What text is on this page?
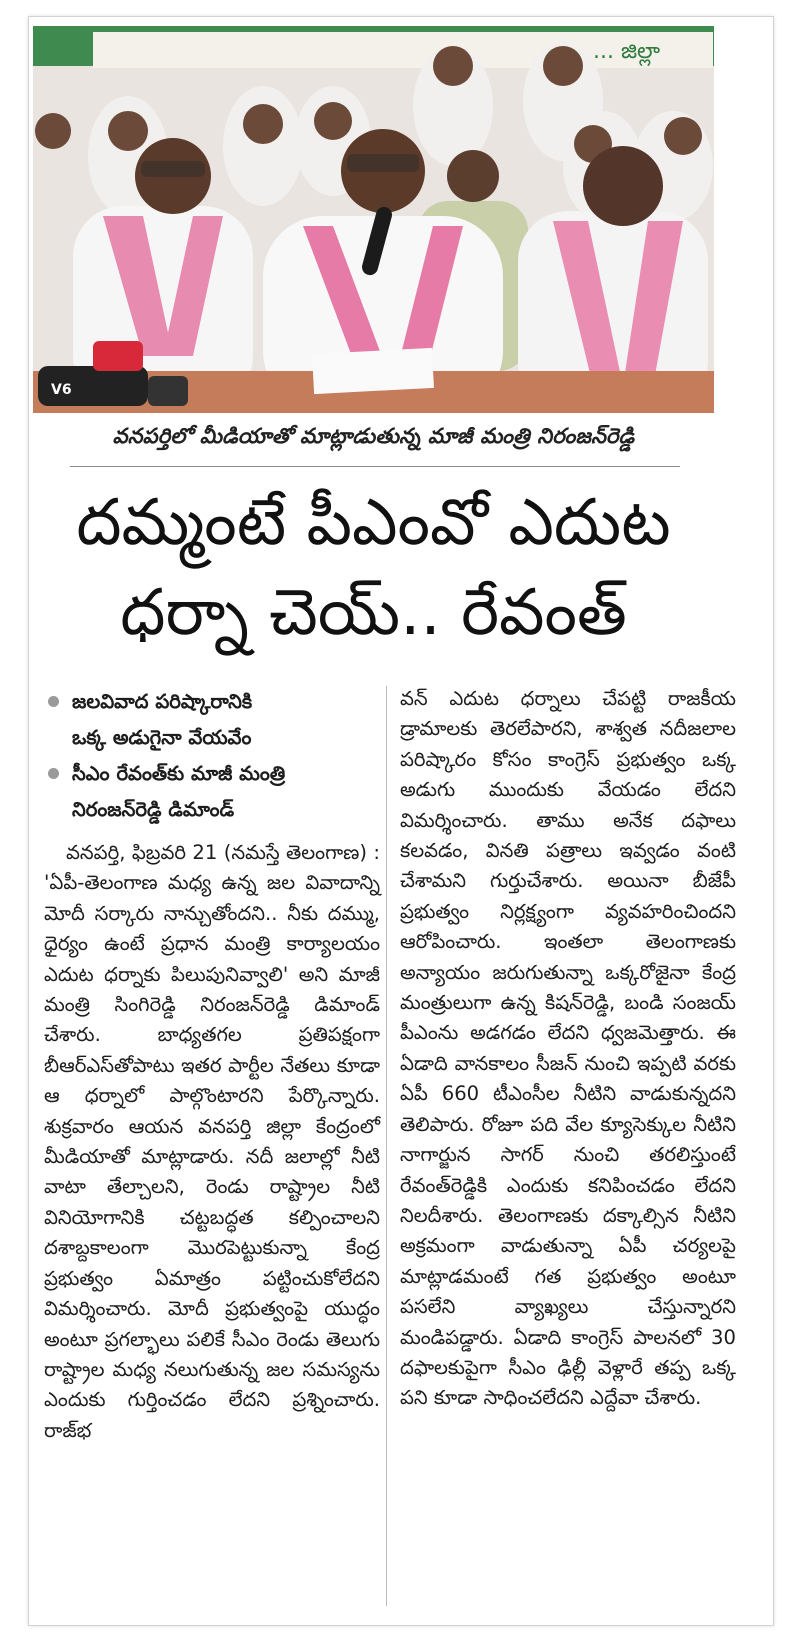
... జిల్లా
V6
వనపర్తిలో మీడియాతో మాట్లాడుతున్న మాజీ మంత్రి నిరంజన్‌రెడ్డి
దమ్మంటే పీఎంవో ఎదుట
ధర్నా చెయ్.. రేవంత్
జలవివాద పరిష్కారానికి
ఒక్క అడుగైనా వేయవేం
సీఎం రేవంత్‌కు మాజీ మంత్రి
నిరంజన్‌రెడ్డి డిమాండ్

వనపర్తి, ఫిబ్రవరి 21 (నమస్తే తెలంగాణ) : 'ఏపీ-తెలంగాణ మధ్య ఉన్న జల వివాదాన్ని మోదీ సర్కారు నాన్చుతోందని.. నీకు దమ్ము, ధైర్యం ఉంటే ప్రధాన మంత్రి కార్యాలయం ఎదుట ధర్నాకు పిలుపునివ్వాలి' అని మాజీ మంత్రి సింగిరెడ్డి నిరంజన్‌రెడ్డి డిమాండ్ చేశారు. బాధ్యతగల ప్రతిపక్షంగా బీఆర్‌ఎస్‌తోపాటు ఇతర పార్టీల నేతలు కూడా ఆ ధర్నాలో పాల్గొంటారని పేర్కొన్నారు. శుక్రవారం ఆయన వనపర్తి జిల్లా కేంద్రంలో మీడియాతో మాట్లాడారు. నదీ జలాల్లో నీటి వాటా తేల్చాలని, రెండు రాష్ట్రాల నీటి వినియోగానికి చట్టబద్ధత కల్పించాలని దశాబ్దకాలంగా మొరపెట్టుకున్నా కేంద్ర ప్రభుత్వం ఏమాత్రం పట్టించుకోలేదని విమర్శించారు. మోదీ ప్రభుత్వంపై యుద్ధం అంటూ ప్రగల్భాలు పలికే సీఎం రెండు తెలుగు రాష్ట్రాల మధ్య నలుగుతున్న జల సమస్యను ఎందుకు గుర్తించడం లేదని ప్రశ్నించారు. రాజ్‌భ

వన్ ఎదుట ధర్నాలు చేపట్టి రాజకీయ డ్రామాలకు తెరలేపారని, శాశ్వత నదీజలాల పరిష్కారం కోసం కాంగ్రెస్ ప్రభుత్వం ఒక్క అడుగు ముందుకు వేయడం లేదని విమర్శించారు. తాము అనేక దఫాలు కలవడం, వినతి పత్రాలు ఇవ్వడం వంటి చేశామని గుర్తుచేశారు. అయినా బీజేపీ ప్రభుత్వం నిర్లక్ష్యంగా వ్యవహరించిందని ఆరోపించారు. ఇంతలా తెలంగాణకు అన్యాయం జరుగుతున్నా ఒక్కరోజైనా కేంద్ర మంత్రులుగా ఉన్న కిషన్‌రెడ్డి, బండి సంజయ్ పీఎంను అడగడం లేదని ధ్వజమెత్తారు. ఈ ఏడాది వానకాలం సీజన్ నుంచి ఇప్పటి వరకు ఏపీ 660 టీఎంసీల నీటిని వాడుకున్నదని తెలిపారు. రోజూ పది వేల క్యూసెక్కుల నీటిని నాగార్జున సాగర్ నుంచి తరలిస్తుంటే రేవంత్‌రెడ్డికి ఎందుకు కనిపించడం లేదని నిలదీశారు. తెలంగాణకు దక్కాల్సిన నీటిని అక్రమంగా వాడుతున్నా ఏపీ చర్యలపై మాట్లాడమంటే గత ప్రభుత్వం అంటూ పసలేని వ్యాఖ్యలు చేస్తున్నారని మండిపడ్డారు. ఏడాది కాంగ్రెస్ పాలనలో 30 దఫాలకుపైగా సీఎం ఢిల్లీ వెళ్లారే తప్ప ఒక్క పని కూడా సాధించలేదని ఎద్దేవా చేశారు.
